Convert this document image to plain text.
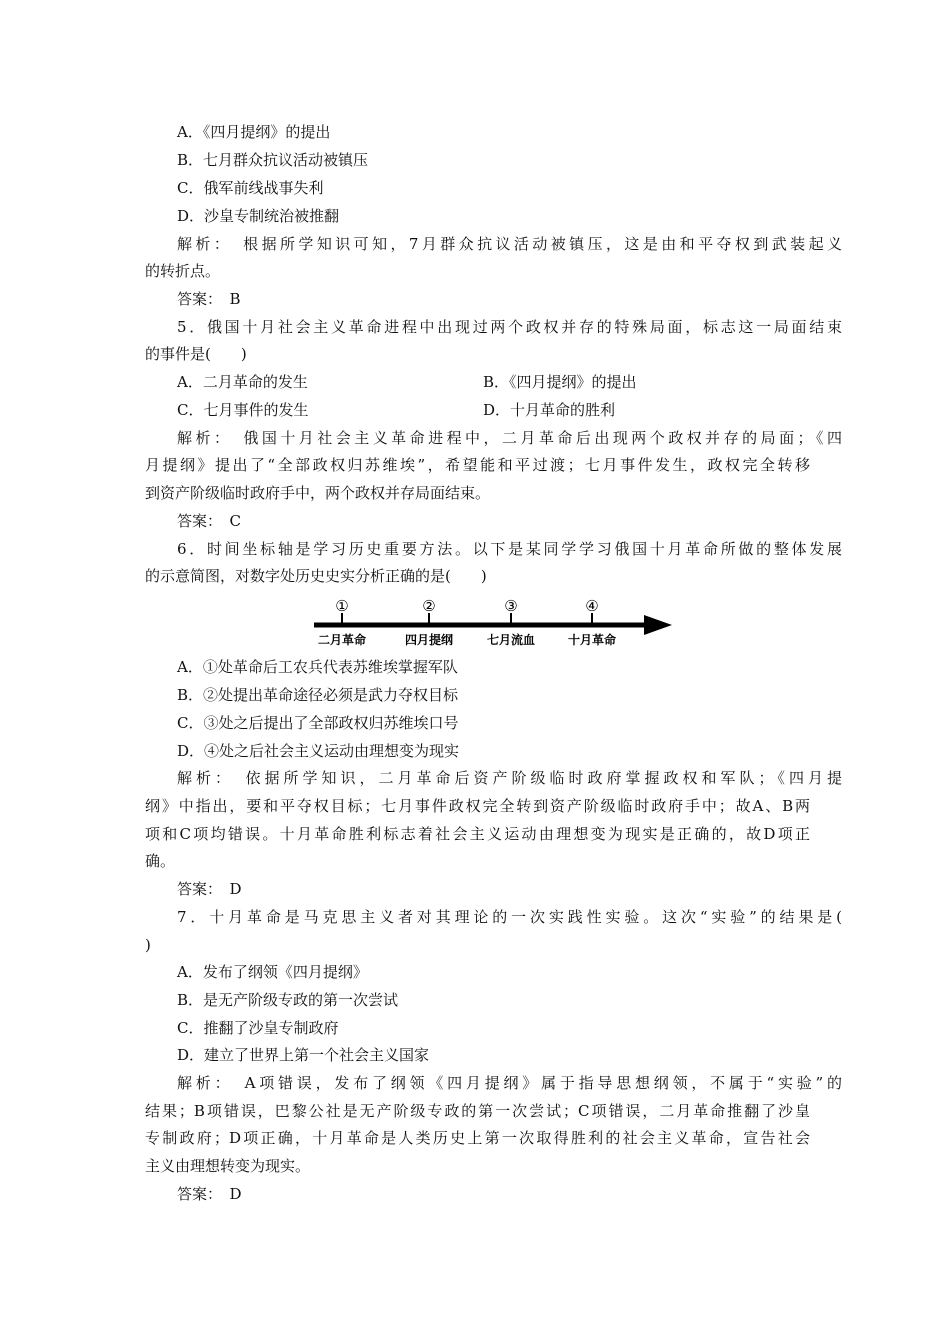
A．《四月提纲》的提出
B．七月群众抗议活动被镇压
C．俄军前线战事失利
D．沙皇专制统治被推翻
解析：　根据所学知识可知，7月群众抗议活动被镇压，这是由和平夺权到武装起义
的转折点。
答案：　B
5．俄国十月社会主义革命进程中出现过两个政权并存的特殊局面，标志这一局面结束
的事件是(　　)
A．二月革命的发生	B．《四月提纲》的提出
C．七月事件的发生	D．十月革命的胜利
解析：　俄国十月社会主义革命进程中，二月革命后出现两个政权并存的局面；《四
月提纲》提出了“全部政权归苏维埃”，希望能和平过渡；七月事件发生，政权完全转移
到资产阶级临时政府手中，两个政权并存局面结束。
答案：　C
6．时间坐标轴是学习历史重要方法。以下是某同学学习俄国十月革命所做的整体发展
的示意简图，对数字处历史史实分析正确的是(　　)
①
二月革命
②
四月提纲
③
七月流血
④
十月革命
A．①处革命后工农兵代表苏维埃掌握军队
B．②处提出革命途径必须是武力夺权目标
C．③处之后提出了全部政权归苏维埃口号
D．④处之后社会主义运动由理想变为现实
解析：　依据所学知识，二月革命后资产阶级临时政府掌握政权和军队；《四月提
纲》中指出，要和平夺权目标；七月事件政权完全转到资产阶级临时政府手中；故A、B两
项和C项均错误。十月革命胜利标志着社会主义运动由理想变为现实是正确的，故D项正
确。
答案：　D
7．十月革命是马克思主义者对其理论的一次实践性实验。这次“实验”的结果是(
)
A．发布了纲领《四月提纲》
B．是无产阶级专政的第一次尝试
C．推翻了沙皇专制政府
D．建立了世界上第一个社会主义国家
解析：　A项错误，发布了纲领《四月提纲》属于指导思想纲领，不属于“实验”的
结果；B项错误，巴黎公社是无产阶级专政的第一次尝试；C项错误，二月革命推翻了沙皇
专制政府；D项正确，十月革命是人类历史上第一次取得胜利的社会主义革命，宣告社会
主义由理想转变为现实。
答案：　D
